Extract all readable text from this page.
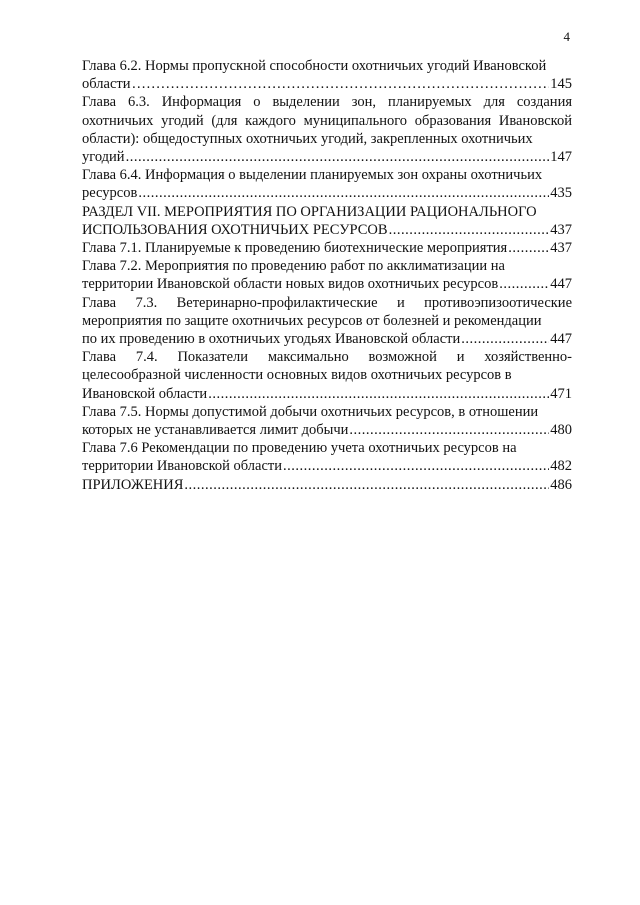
4
Глава 6.2. Нормы пропускной способности охотничьих угодий Ивановской
области ……………………………………………………………………………………………………………………………	145
Глава 6.3. Информация о выделении зон, планируемых для создания охотничьих угодий (для каждого муниципального образования Ивановской области): общедоступных охотничьих угодий, закрепленных охотничьих
угодий .....	147
Глава 6.4. Информация о выделении планируемых зон охраны охотничьих
ресурсов .....	435
РАЗДЕЛ VII. МЕРОПРИЯТИЯ ПО ОРГАНИЗАЦИИ РАЦИОНАЛЬНОГО
ИСПОЛЬЗОВАНИЯ ОХОТНИЧЬИХ РЕСУРСОВ .....	437
Глава 7.1. Планируемые к проведению биотехнические мероприятия .....	437
Глава 7.2. Мероприятия по проведению работ по акклиматизации на
территории Ивановской области новых видов охотничьих ресурсов .....	447
Глава 7.3. Ветеринарно-профилактические и противоэпизоотические мероприятия по защите охотничьих ресурсов от болезней и рекомендации
по их проведению в охотничьих угодьях Ивановской области .....	447
Глава 7.4. Показатели максимально возможной и хозяйственно-целесообразной численности основных видов охотничьих ресурсов в
Ивановской области .....	471
Глава 7.5. Нормы допустимой добычи охотничьих ресурсов, в отношении
которых не устанавливается лимит добычи .....	480
Глава 7.6 Рекомендации по проведению учета охотничьих ресурсов на
территории Ивановской области .....	482
ПРИЛОЖЕНИЯ .....	486
